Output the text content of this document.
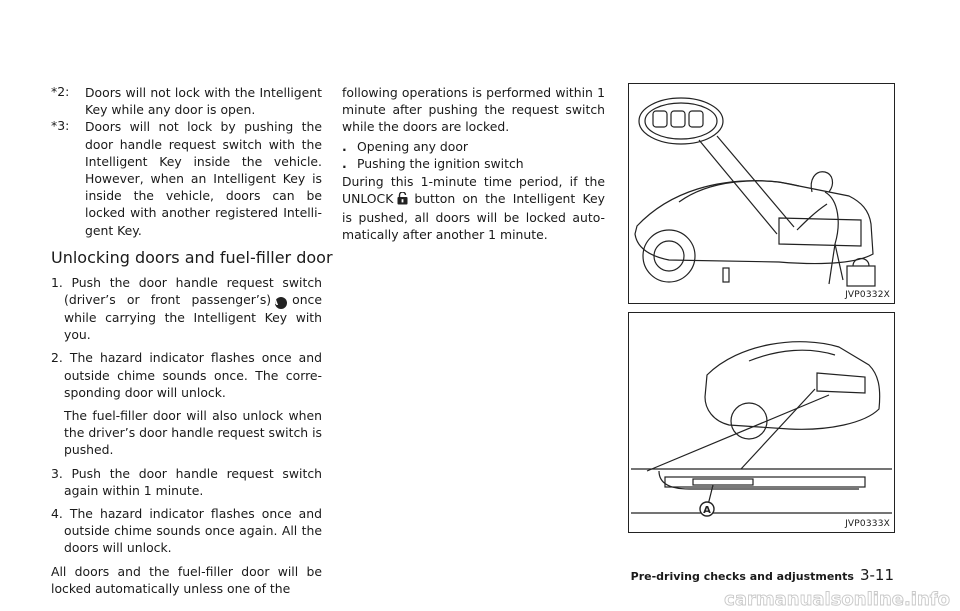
*2:	Doors will not lock with the Intelligent Key while any door is open.
*3:	Doors will not lock by pushing the door handle request switch with the Intelligent Key inside the vehicle. However, when an Intelligent Key is inside the vehicle, doors can be locked with another registered Intelli-gent Key.
Unlocking doors and fuel-filler door

1. Push the door handle request switch (driver’s or front passenger’s)A once while carrying the Intelligent Key with you.

2. The hazard indicator flashes once and outside chime sounds once. The corre-sponding door will unlock.

The fuel-filler door will also unlock when the driver’s door handle request switch is pushed.

3. Push the door handle request switch again within 1 minute.

4. The hazard indicator flashes once and outside chime sounds once again. All the doors will unlock.

All doors and the fuel-filler door will be locked automatically unless one of the

following operations is performed within 1 minute after pushing the request switch while the doors are locked.

. Opening any door
. Pushing the ignition switch

During this 1-minute time period, if the UNLOCK button on the Intelligent Key is pushed, all doors will be locked auto-matically after another 1 minute.

JVP0332X
A
JVP0333X
Pre-driving checks and adjustments 3-11
carmanualsonline.info
